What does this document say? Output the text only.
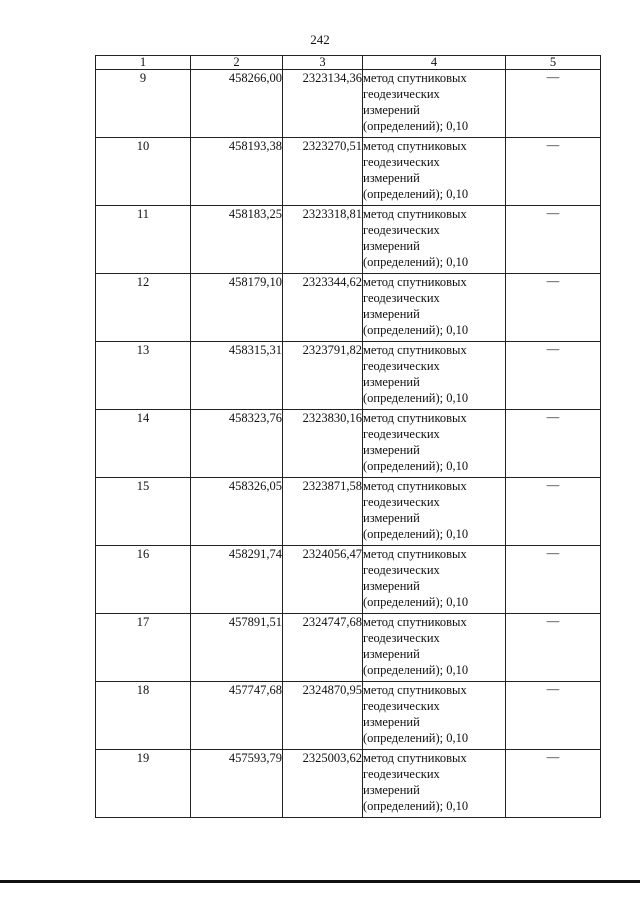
242
1	2	3	4	5
9	458266,00	2323134,36	метод спутниковых
геодезических
измерений
(определений); 0,10	—
10	458193,38	2323270,51	метод спутниковых
геодезических
измерений
(определений); 0,10	—
11	458183,25	2323318,81	метод спутниковых
геодезических
измерений
(определений); 0,10	—
12	458179,10	2323344,62	метод спутниковых
геодезических
измерений
(определений); 0,10	—
13	458315,31	2323791,82	метод спутниковых
геодезических
измерений
(определений); 0,10	—
14	458323,76	2323830,16	метод спутниковых
геодезических
измерений
(определений); 0,10	—
15	458326,05	2323871,58	метод спутниковых
геодезических
измерений
(определений); 0,10	—
16	458291,74	2324056,47	метод спутниковых
геодезических
измерений
(определений); 0,10	—
17	457891,51	2324747,68	метод спутниковых
геодезических
измерений
(определений); 0,10	—
18	457747,68	2324870,95	метод спутниковых
геодезических
измерений
(определений); 0,10	—
19	457593,79	2325003,62	метод спутниковых
геодезических
измерений
(определений); 0,10	—
